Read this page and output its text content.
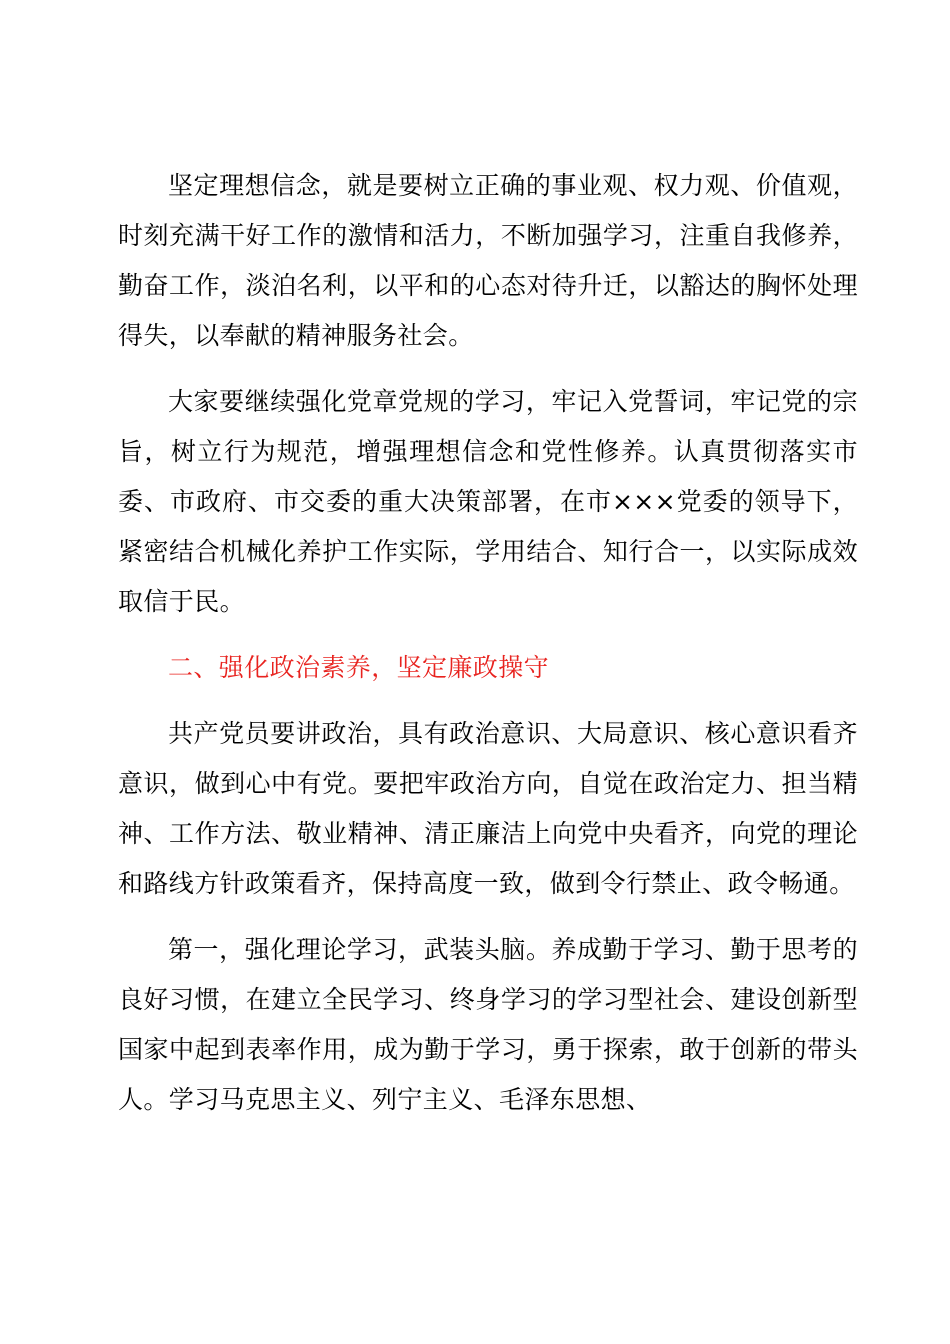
坚定理想信念，就是要树立正确的事业观、权力观、价值观，时刻充满干好工作的激情和活力，不断加强学习，注重自我修养，勤奋工作，淡泊名利，以平和的心态对待升迁，以豁达的胸怀处理得失，以奉献的精神服务社会。

大家要继续强化党章党规的学习，牢记入党誓词，牢记党的宗旨，树立行为规范，增强理想信念和党性修养。认真贯彻落实市委、市政府、市交委的重大决策部署，在市×××党委的领导下，紧密结合机械化养护工作实际，学用结合、知行合一，以实际成效取信于民。

二、强化政治素养，坚定廉政操守

共产党员要讲政治，具有政治意识、大局意识、核心意识看齐意识，做到心中有党。要把牢政治方向，自觉在政治定力、担当精神、工作方法、敬业精神、清正廉洁上向党中央看齐，向党的理论和路线方针政策看齐，保持高度一致，做到令行禁止、政令畅通。

第一，强化理论学习，武装头脑。养成勤于学习、勤于思考的良好习惯，在建立全民学习、终身学习的学习型社会、建设创新型国家中起到表率作用，成为勤于学习，勇于探索，敢于创新的带头人。学习马克思主义、列宁主义、毛泽东思想、
